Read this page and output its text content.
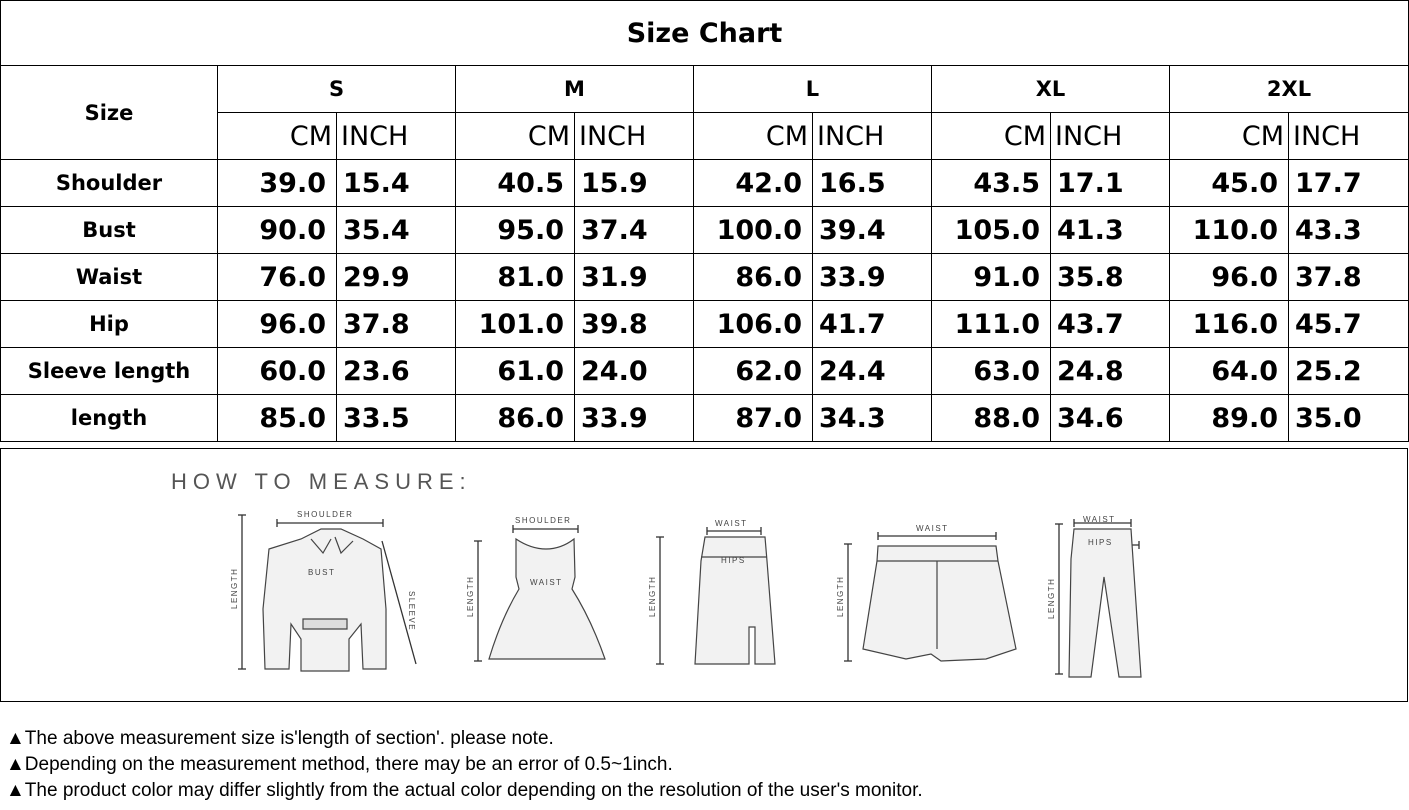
Size Chart										
Size	S		M		L		XL		2XL	
	CM	INCH	CM	INCH	CM	INCH	CM	INCH	CM	INCH
Shoulder	39.0	15.4	40.5	15.9	42.0	16.5	43.5	17.1	45.0	17.7
Bust	90.0	35.4	95.0	37.4	100.0	39.4	105.0	41.3	110.0	43.3
Waist	76.0	29.9	81.0	31.9	86.0	33.9	91.0	35.8	96.0	37.8
Hip	96.0	37.8	101.0	39.8	106.0	41.7	111.0	43.7	116.0	45.7
Sleeve length	60.0	23.6	61.0	24.0	62.0	24.4	63.0	24.8	64.0	25.2
length	85.0	33.5	86.0	33.9	87.0	34.3	88.0	34.6	89.0	35.0
HOW TO MEASURE:
SHOULDER
BUST
LENGTH
SLEEVE
SHOULDER
WAIST
LENGTH
WAIST
HIPS
LENGTH
WAIST
LENGTH
WAIST
HIPS
LENGTH
▲The above measurement size is'length of section'. please note.
▲Depending on the measurement method, there may be an error of 0.5~1inch.
▲The product color may differ slightly from the actual color depending on the resolution of the user's monitor.
